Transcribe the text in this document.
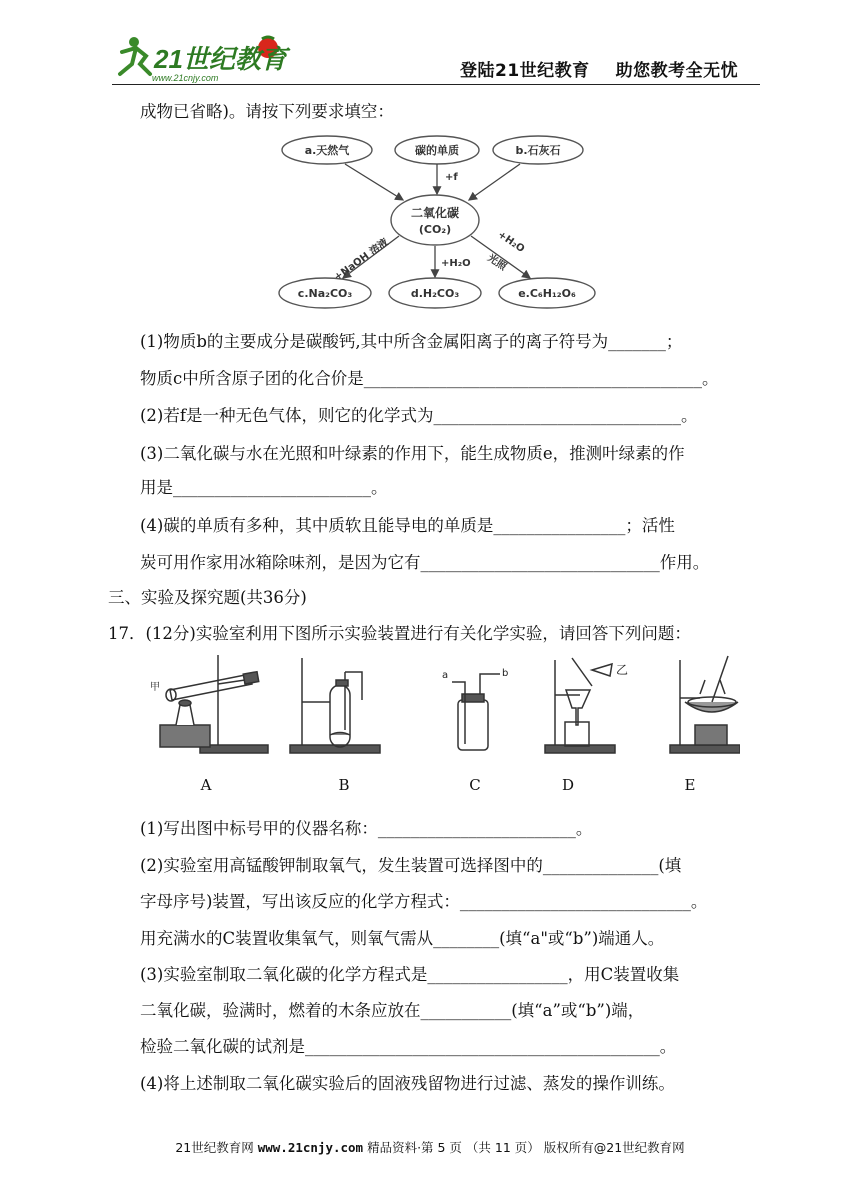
21世纪教育
www.21cnjy.com	登陆21世纪教育 助您教考全无忧
成物已省略)。请按下列要求填空：
a.天然气	碳的单质	b.石灰石
二氧化碳
(CO₂)
c.Na₂CO₃	d.H₂CO₃	e.C₆H₁₂O₆
+f
+NaOH 溶液	+H₂O
+H₂O
光照
(1)物质b的主要成分是碳酸钙,其中所含金属阳离子的离子符号为_______；
物质c中所含原子团的化合价是_________________________________________。
(2)若f是一种无色气体，则它的化学式为______________________________。
(3)二氧化碳与水在光照和叶绿素的作用下，能生成物质e，推测叶绿素的作
用是________________________。
(4)碳的单质有多种，其中质软且能导电的单质是________________；活性
炭可用作家用冰箱除味剂，是因为它有_____________________________作用。
三、实验及探究题(共36分)
17．(12分)实验室利用下图所示实验装置进行有关化学实验，请回答下列问题：
甲
a	b	乙
A	B	C	D	E
(1)写出图中标号甲的仪器名称：________________________。
(2)实验室用高锰酸钾制取氧气，发生装置可选择图中的______________(填
字母序号)装置，写出该反应的化学方程式：____________________________。
用充满水的C装置收集氧气，则氧气需从________(填“a"或“b”)端通人。
(3)实验室制取二氧化碳的化学方程式是_________________，用C装置收集
二氧化碳，验满时，燃着的木条应放在___________(填“a”或“b”)端，
检验二氧化碳的试剂是___________________________________________。
(4)将上述制取二氧化碳实验后的固液残留物进行过滤、蒸发的操作训练。
21世纪教育网 www.21cnjy.com 精品资料·第 5 页 （共 11 页） 版权所有@21世纪教育网
